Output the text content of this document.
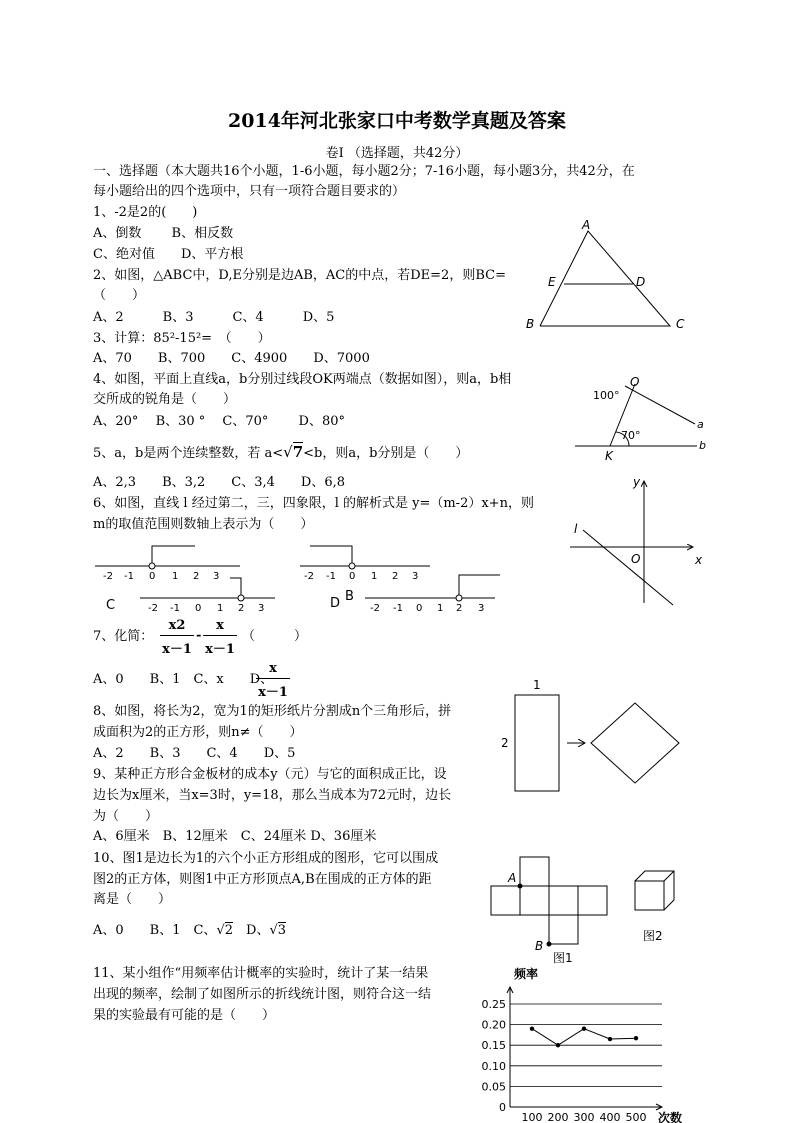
2014年河北张家口中考数学真题及答案
卷Ⅰ （选择题，共42分）
一、选择题（本大题共16个小题，1-6小题，每小题2分；7-16小题，每小题3分，共42分，在
每小题给出的四个选项中，只有一项符合题目要求的）
1、-2是2的(　　)
A、倒数　　 B、相反数
C、绝对值　　D、平方根
2、如图，△ABC中，D,E分别是边AB，AC的中点，若DE=2，则BC=
（　　）
A、2　　　B、3　　　C、4　　　D、5
3、计算：85²-15²=　（　　）
A、70　　B、700　　C、4900　　D、7000
4、如图，平面上直线a，b分别过线段OK两端点（数据如图），则a，b相
交所成的锐角是（　　）
A、20°　 B、30 °　 C、70°　　 D、80°
5、a，b是两个连续整数，若 a<√7<b，则a，b分别是（　　）
A、2,3　　B、3,2　　C、3,4　　D、6,8
6、如图，直线 l 经过第二，三，四象限，l 的解析式是 y=（m-2）x+n，则
m的取值范围则数轴上表示为（　　）
-2 -1 0 1 2 3	-2 -1 0 1 2 3
-2 -1 0 1 2 3	-2 -1 0 1 2 3
C	D B
7、化简：
x2
x－1
-
x
x－1
（　　　）
A、0　　B、1　C、x　　D、
x
x－1
8、如图，将长为2，宽为1的矩形纸片分割成n个三角形后，拼
成面积为2的正方形，则n≠（　　）
A、2　　B、3　　C、4　　D、5
9、某种正方形合金板材的成本y（元）与它的面积成正比，设
边长为x厘米，当x=3时，y=18，那么当成本为72元时，边长
为（　　）
A、6厘米　B、12厘米　C、24厘米 D、36厘米
10、图1是边长为1的六个小正方形组成的图形，它可以围成
图2的正方体，则图1中正方形顶点A,B在围成的正方体的距
离是（　　）
A、0　　B、1　C、√2　D、√3
11、某小组作“用频率估计概率的实验时，统计了某一结果
出现的频率，绘制了如图所示的折线统计图，则符合这一结
果的实验最有可能的是（　　）
A
E	D
B	C
O
K
a
b
100°
70°
y
x
O
l
1
2
A
B
图1
图2
0.25
0.20
0.15
0.10
0.05
0
100 200 300 400 500
频率
次数
